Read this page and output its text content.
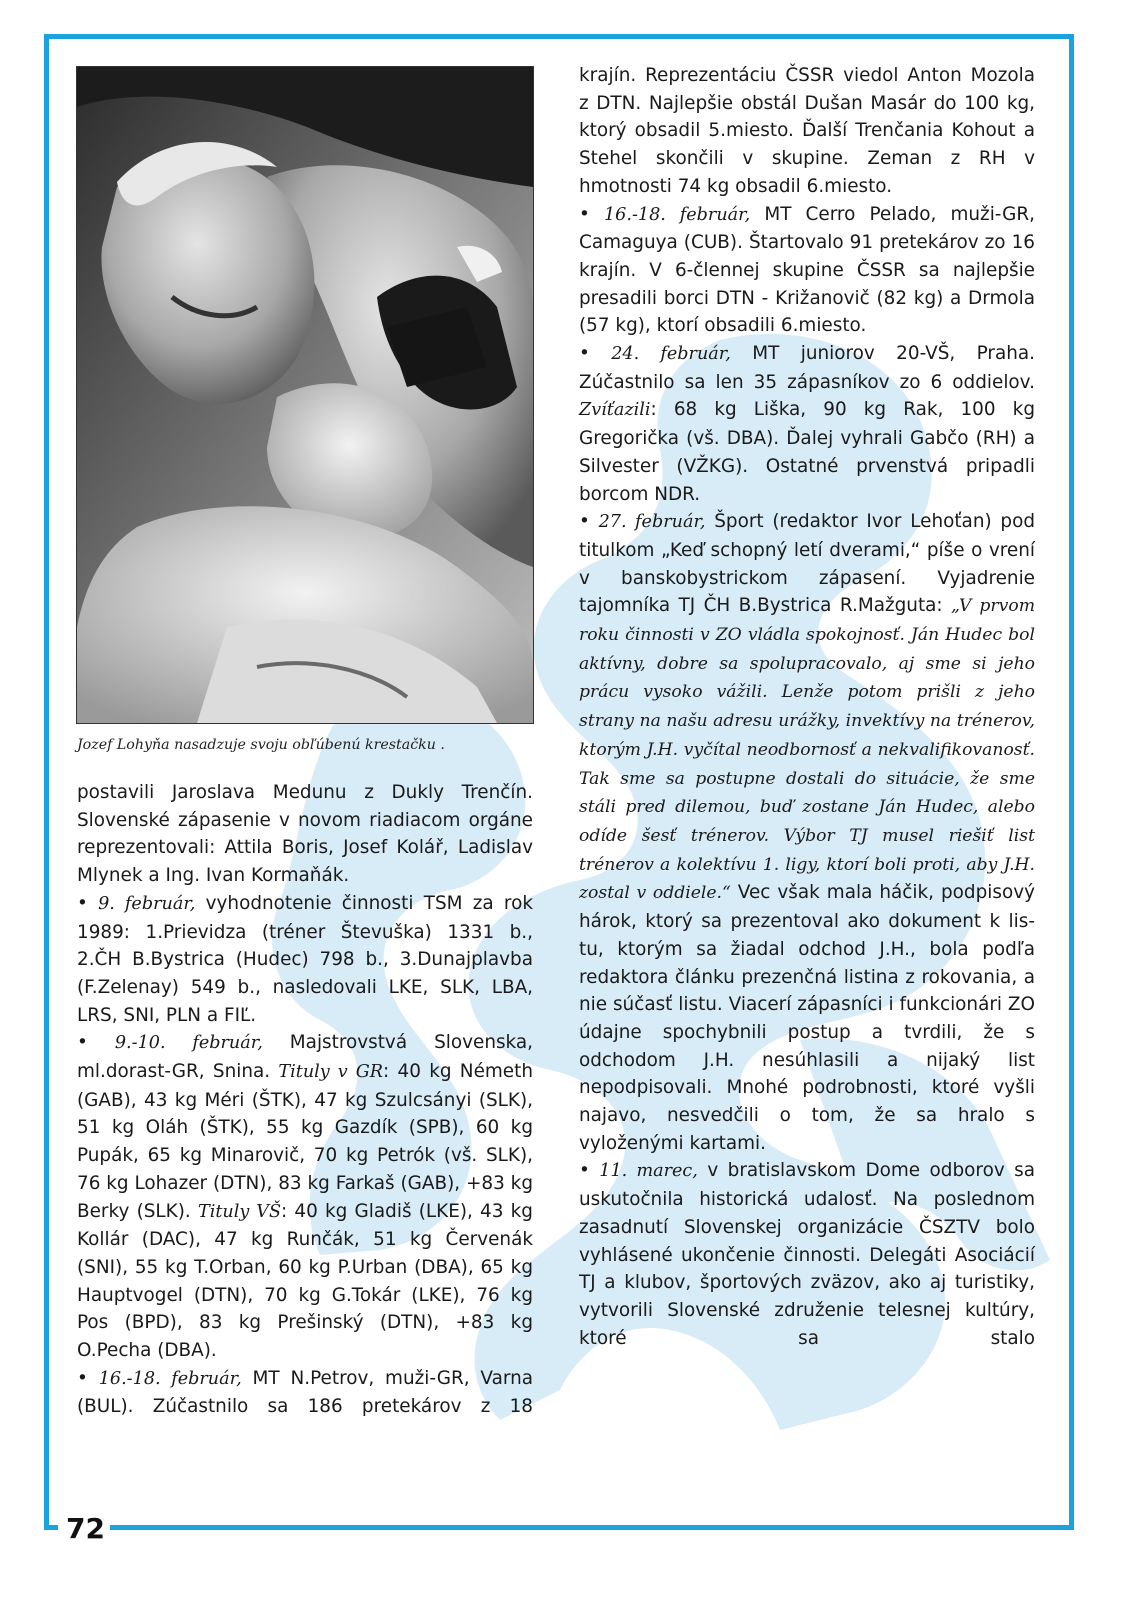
72
Jozef Lohyňa nasadzuje svoju obľúbenú krestačku .

postavili Jaroslava Medunu z Dukly Trenčín. Slovenské zápasenie v novom riadiacom orgáne reprezentovali: Attila Boris, Josef Kolář, Ladislav Mlynek a Ing. Ivan Kormaňák.

• 9. február, vyhodnotenie činnosti TSM za rok 1989: 1.Prievidza (tréner Števuška) 1331 b., 2.ČH B.Bystrica (Hudec) 798 b., 3.Dunajplavba (F.Zelenay) 549 b., nasledovali LKE, SLK, LBA, LRS, SNI, PLN a FIĽ.

• 9.-10. február, Majstrovstvá Slovenska, ml.dorast-GR, Snina. Tituly v GR: 40 kg Németh (GAB), 43 kg Méri (ŠTK), 47 kg Szulcsányi (SLK), 51 kg Oláh (ŠTK), 55 kg Gazdík (SPB), 60 kg Pupák, 65 kg Minarovič, 70 kg Petrók (vš. SLK), 76 kg Lohazer (DTN), 83 kg Farkaš (GAB), +83 kg Berky (SLK). Tituly VŠ: 40 kg Gladiš (LKE), 43 kg Kollár (DAC), 47 kg Runčák, 51 kg Červenák (SNI), 55 kg T.Orban, 60 kg P.Urban (DBA), 65 kg Hauptvogel (DTN), 70 kg G.Tokár (LKE), 76 kg Pos (BPD), 83 kg Prešinský (DTN), +83 kg O.Pecha (DBA).

• 16.-18. február, MT N.Petrov, muži-GR, Varna (BUL). Zúčastnilo sa 186 pretekárov z 18

krajín. Reprezentáciu ČSSR viedol Anton Mozola z DTN. Najlepšie obstál Dušan Masár do 100 kg, ktorý obsadil 5.miesto. Ďalší Trenčania Kohout a Stehel skončili v skupine. Zeman z RH v hmotnosti 74 kg obsadil 6.miesto.

• 16.-18. február, MT Cerro Pelado, muži-GR, Camaguya (CUB). Štartovalo 91 pretekárov zo 16 krajín. V 6-člennej skupine ČSSR sa najlepšie presadili borci DTN - Križanovič (82 kg) a Drmola (57 kg), ktorí obsadili 6.miesto.

• 24. február, MT juniorov 20-VŠ, Praha. Zúčastnilo sa len 35 zápasníkov zo 6 oddielov. Zvíťazili: 68 kg Liška, 90 kg Rak, 100 kg Gregorička (vš. DBA). Ďalej vyhrali Gabčo (RH) a Silvester (VŽKG). Ostatné prvenstvá pripadli borcom NDR.

• 27. február, Šport (redaktor Ivor Lehoťan) pod titulkom „Keď schopný letí dverami,“ píše o vrení v banskobystrickom zápasení. Vyjadrenie tajomníka TJ ČH B.Bystrica R.Mažguta: „V prvom roku činnosti v ZO vládla spokojnosť. Ján Hudec bol aktívny, dobre sa spolupracovalo, aj sme si jeho prácu vysoko vážili. Lenže potom prišli z jeho strany na našu adresu urážky, invektívy na trénerov, ktorým J.H. vyčítal neodbornosť a nekvalifikovanosť. Tak sme sa postupne dostali do situácie, že sme stáli pred dilemou, buď zostane Ján Hudec, alebo odíde šesť trénerov. Výbor TJ musel riešiť list trénerov a kolektívu 1. ligy, ktorí boli proti, aby J.H. zostal v oddiele.“ Vec však mala háčik, podpisový hárok, ktorý sa prezentoval ako dokument k lis-tu, ktorým sa žiadal odchod J.H., bola podľa redaktora článku prezenčná listina z rokovania, a nie súčasť listu. Viacerí zápasníci i funkcionári ZO údajne spochybnili postup a tvrdili, že s odchodom J.H. nesúhlasili a nijaký list nepodpisovali. Mnohé podrobnosti, ktoré vyšli najavo, nesvedčili o tom, že sa hralo s vyloženými kartami.

• 11. marec, v bratislavskom Dome odborov sa uskutočnila historická udalosť. Na poslednom zasadnutí Slovenskej organizácie ČSZTV bolo vyhlásené ukončenie činnosti. Delegáti Asociácií TJ a klubov, športových zväzov, ako aj turistiky, vytvorili Slovenské združenie telesnej kultúry, ktoré sa stalo
